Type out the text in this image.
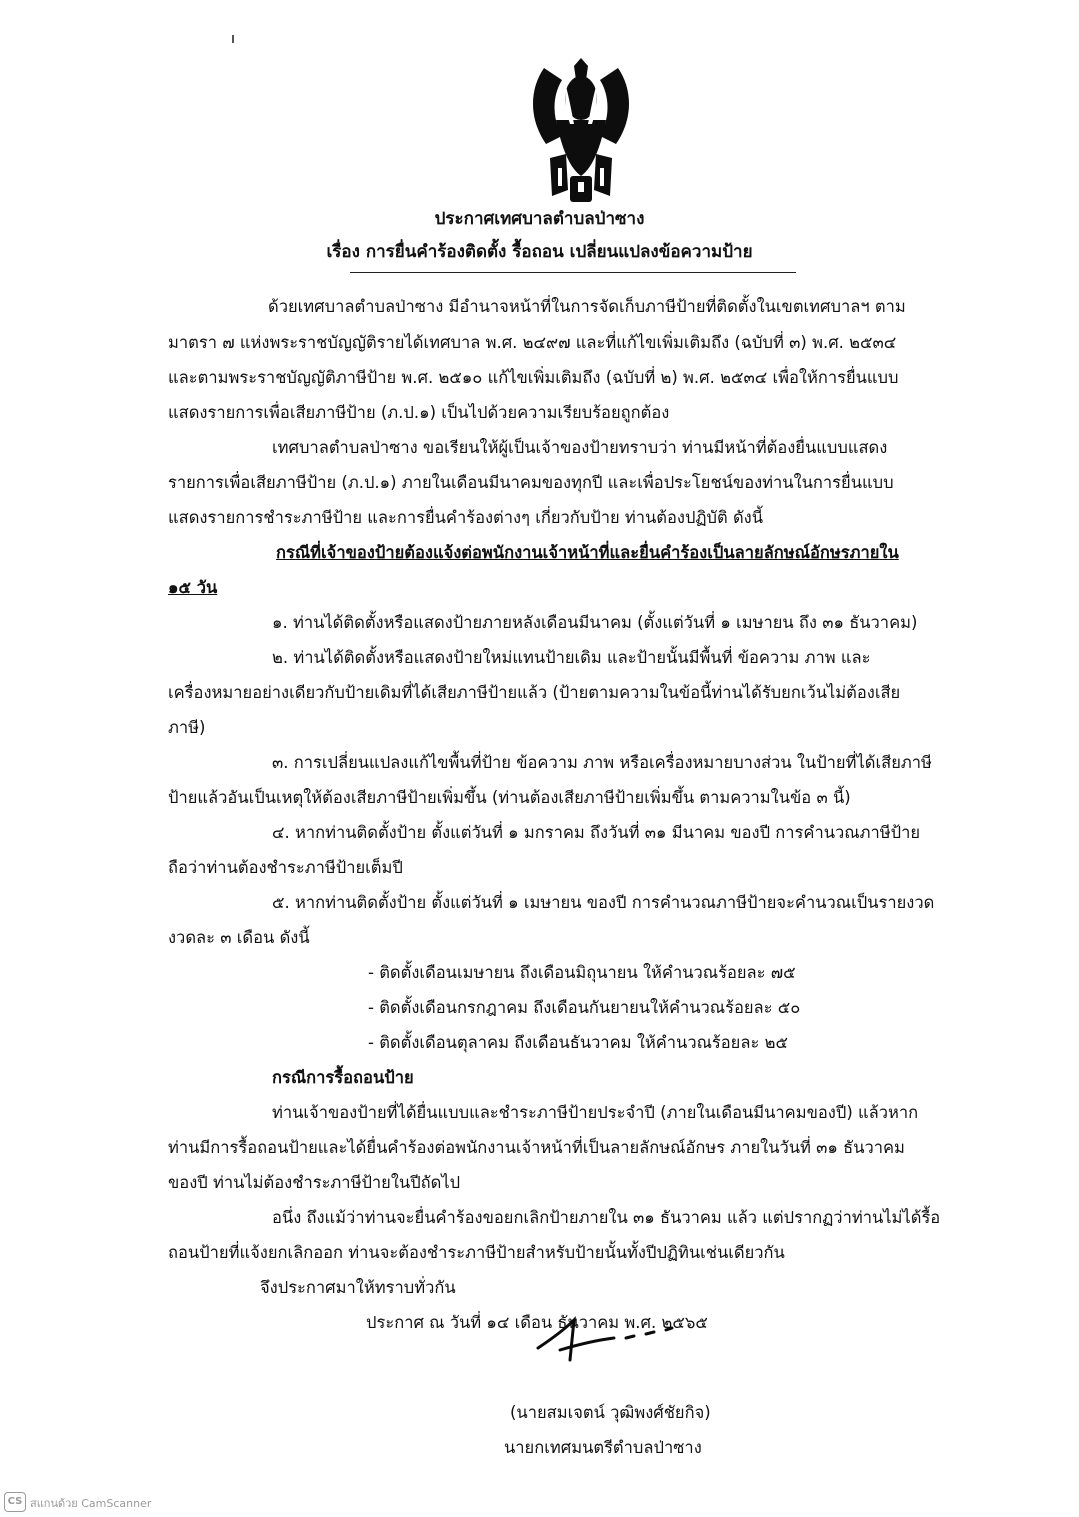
ประกาศเทศบาลตำบลป่าซาง
เรื่อง การยื่นคำร้องติดตั้ง รื้อถอน เปลี่ยนแปลงข้อความป้าย
ด้วยเทศบาลตำบลป่าซาง มีอำนาจหน้าที่ในการจัดเก็บภาษีป้ายที่ติดตั้งในเขตเทศบาลฯ ตาม
มาตรา ๗ แห่งพระราชบัญญัติรายได้เทศบาล พ.ศ. ๒๔๙๗ และที่แก้ไขเพิ่มเติมถึง (ฉบับที่ ๓) พ.ศ. ๒๕๓๔
และตามพระราชบัญญัติภาษีป้าย พ.ศ. ๒๕๑๐ แก้ไขเพิ่มเติมถึง (ฉบับที่ ๒) พ.ศ. ๒๕๓๔ เพื่อให้การยื่นแบบ
แสดงรายการเพื่อเสียภาษีป้าย (ภ.ป.๑) เป็นไปด้วยความเรียบร้อยถูกต้อง
เทศบาลตำบลป่าซาง ขอเรียนให้ผู้เป็นเจ้าของป้ายทราบว่า ท่านมีหน้าที่ต้องยื่นแบบแสดง
รายการเพื่อเสียภาษีป้าย (ภ.ป.๑) ภายในเดือนมีนาคมของทุกปี และเพื่อประโยชน์ของท่านในการยื่นแบบ
แสดงรายการชำระภาษีป้าย และการยื่นคำร้องต่างๆ เกี่ยวกับป้าย ท่านต้องปฏิบัติ ดังนี้
กรณีที่เจ้าของป้ายต้องแจ้งต่อพนักงานเจ้าหน้าที่และยื่นคำร้องเป็นลายลักษณ์อักษรภายใน
๑๕ วัน
๑. ท่านได้ติดตั้งหรือแสดงป้ายภายหลังเดือนมีนาคม (ตั้งแต่วันที่ ๑ เมษายน ถึง ๓๑ ธันวาคม)
๒. ท่านได้ติดตั้งหรือแสดงป้ายใหม่แทนป้ายเดิม และป้ายนั้นมีพื้นที่ ข้อความ ภาพ และ
เครื่องหมายอย่างเดียวกับป้ายเดิมที่ได้เสียภาษีป้ายแล้ว (ป้ายตามความในข้อนี้ท่านได้รับยกเว้นไม่ต้องเสีย
ภาษี)
๓. การเปลี่ยนแปลงแก้ไขพื้นที่ป้าย ข้อความ ภาพ หรือเครื่องหมายบางส่วน ในป้ายที่ได้เสียภาษี
ป้ายแล้วอันเป็นเหตุให้ต้องเสียภาษีป้ายเพิ่มขึ้น (ท่านต้องเสียภาษีป้ายเพิ่มขึ้น ตามความในข้อ ๓ นี้)
๔. หากท่านติดตั้งป้าย ตั้งแต่วันที่ ๑ มกราคม ถึงวันที่ ๓๑ มีนาคม ของปี การคำนวณภาษีป้าย
ถือว่าท่านต้องชำระภาษีป้ายเต็มปี
๕. หากท่านติดตั้งป้าย ตั้งแต่วันที่ ๑ เมษายน ของปี การคำนวณภาษีป้ายจะคำนวณเป็นรายงวด
งวดละ ๓ เดือน ดังนี้
- ติดตั้งเดือนเมษายน ถึงเดือนมิถุนายน ให้คำนวณร้อยละ ๗๕
- ติดตั้งเดือนกรกฎาคม ถึงเดือนกันยายนให้คำนวณร้อยละ ๕๐
- ติดตั้งเดือนตุลาคม ถึงเดือนธันวาคม ให้คำนวณร้อยละ ๒๕
กรณีการรื้อถอนป้าย
ท่านเจ้าของป้ายที่ได้ยื่นแบบและชำระภาษีป้ายประจำปี (ภายในเดือนมีนาคมของปี) แล้วหาก
ท่านมีการรื้อถอนป้ายและได้ยื่นคำร้องต่อพนักงานเจ้าหน้าที่เป็นลายลักษณ์อักษร ภายในวันที่ ๓๑ ธันวาคม
ของปี ท่านไม่ต้องชำระภาษีป้ายในปีถัดไป
อนึ่ง ถึงแม้ว่าท่านจะยื่นคำร้องขอยกเลิกป้ายภายใน ๓๑ ธันวาคม แล้ว แต่ปรากฏว่าท่านไม่ได้รื้อ
ถอนป้ายที่แจ้งยกเลิกออก ท่านจะต้องชำระภาษีป้ายสำหรับป้ายนั้นทั้งปีปฏิทินเช่นเดียวกัน
จึงประกาศมาให้ทราบทั่วกัน
ประกาศ ณ วันที่ ๑๔ เดือน ธันวาคม พ.ศ. ๒๕๖๕
(นายสมเจตน์ วุฒิพงศ์ชัยกิจ)
นายกเทศมนตรีตำบลป่าซาง
CS สแกนด้วย CamScanner
